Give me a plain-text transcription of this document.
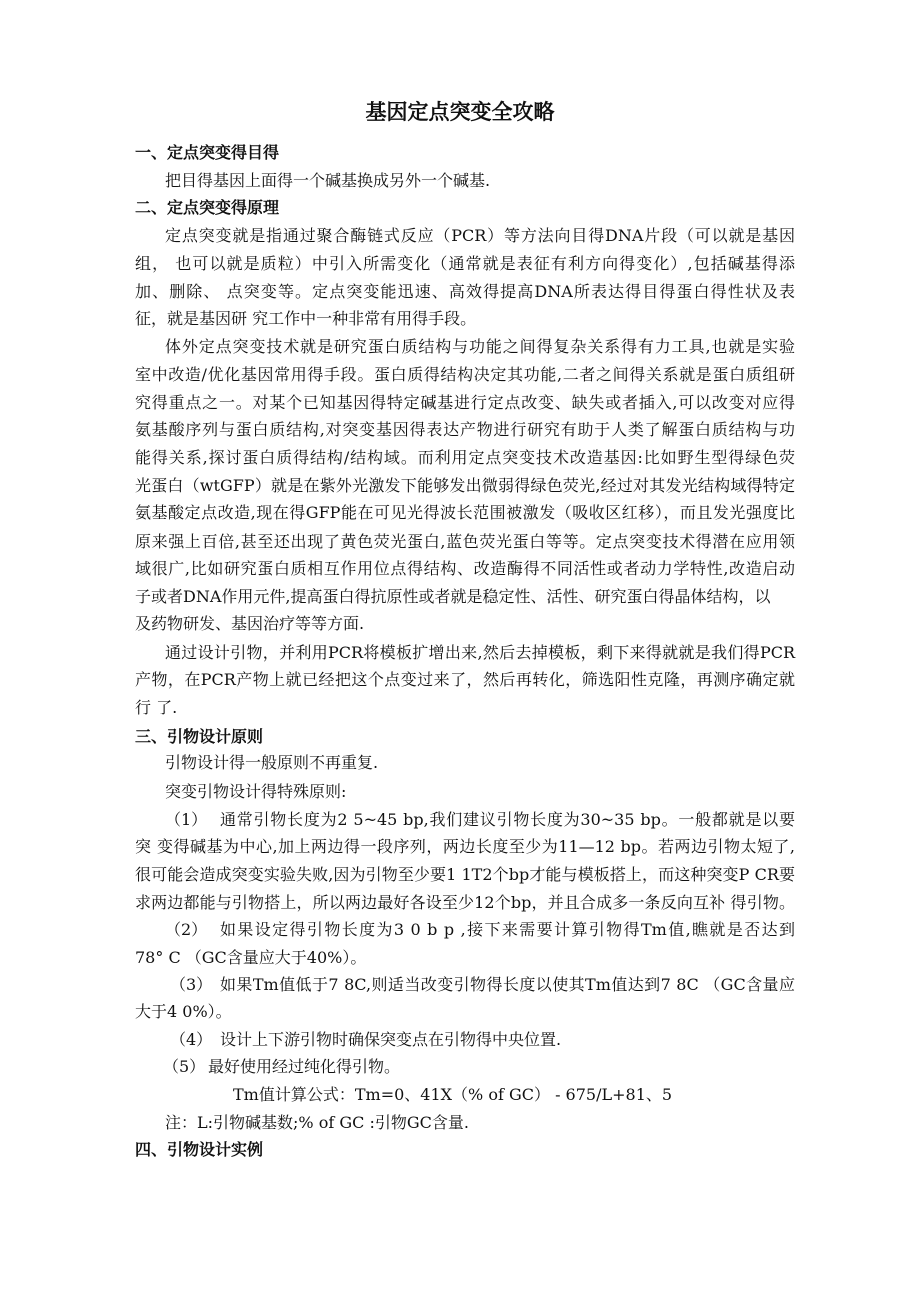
基因定点突变全攻略
一、定点突变得目得
把目得基因上面得一个碱基换成另外一个碱基.
二、定点突变得原理
定点突变就是指通过聚合酶链式反应（PCR）等方法向目得DNA片段（可以就是基因
组， 也可以就是质粒）中引入所需变化（通常就是表征有利方向得变化）,包括碱基得添
加、删除、 点突变等。定点突变能迅速、高效得提高DNA所表达得目得蛋白得性状及表
征，就是基因研 究工作中一种非常有用得手段。
体外定点突变技术就是研究蛋白质结构与功能之间得复杂关系得有力工具,也就是实验
室中改造/优化基因常用得手段。蛋白质得结构决定其功能,二者之间得关系就是蛋白质组研
究得重点之一。对某个已知基因得特定碱基进行定点改变、缺失或者插入,可以改变对应得
氨基酸序列与蛋白质结构,对突变基因得表达产物进行研究有助于人类了解蛋白质结构与功
能得关系,探讨蛋白质得结构/结构域。而利用定点突变技术改造基因:比如野生型得绿色荧
光蛋白（wtGFP）就是在紫外光激发下能够发出微弱得绿色荧光,经过对其发光结构域得特定
氨基酸定点改造,现在得GFP能在可见光得波长范围被激发（吸收区红移），而且发光强度比
原来强上百倍,甚至还出现了黄色荧光蛋白,蓝色荧光蛋白等等。定点突变技术得潜在应用领
域很广,比如研究蛋白质相互作用位点得结构、改造酶得不同活性或者动力学特性,改造启动
子或者DNA作用元件,提高蛋白得抗原性或者就是稳定性、活性、研究蛋白得晶体结构，以
及药物研发、基因治疗等等方面.
通过设计引物，并利用PCR将模板扩增出来,然后去掉模板，剩下来得就就是我们得PCR
产物，在PCR产物上就已经把这个点变过来了，然后再转化，筛选阳性克隆，再测序确定就
行 了.
三、引物设计原则
引物设计得一般原则不再重复.
突变引物设计得特殊原则:
（1） 通常引物长度为2 5~45 bp,我们建议引物长度为30~35 bp。一般都就是以要
突 变得碱基为中心,加上两边得一段序列，两边长度至少为11—12 bp。若两边引物太短了,
很可能会造成突变实验失败,因为引物至少要1 1T2个bp才能与模板搭上，而这种突变P CR要
求两边都能与引物搭上，所以两边最好各设至少12个bp，并且合成多一条反向互补 得引物。
（2） 如果设定得引物长度为3 0 b p ,接下来需要计算引物得Tm值,瞧就是否达到
78° C （GC含量应大于40%）。
（3） 如果Tm值低于7 8C,则适当改变引物得长度以使其Tm值达到7 8C （GC含量应
大于4 0%）。
（4） 设计上下游引物时确保突变点在引物得中央位置.
（5） 最好使用经过纯化得引物。
Tm值计算公式：Tm=0、41X（% of GC） - 675/L+81、5
注：L:引物碱基数;% of GC :引物GC含量.
四、引物设计实例
